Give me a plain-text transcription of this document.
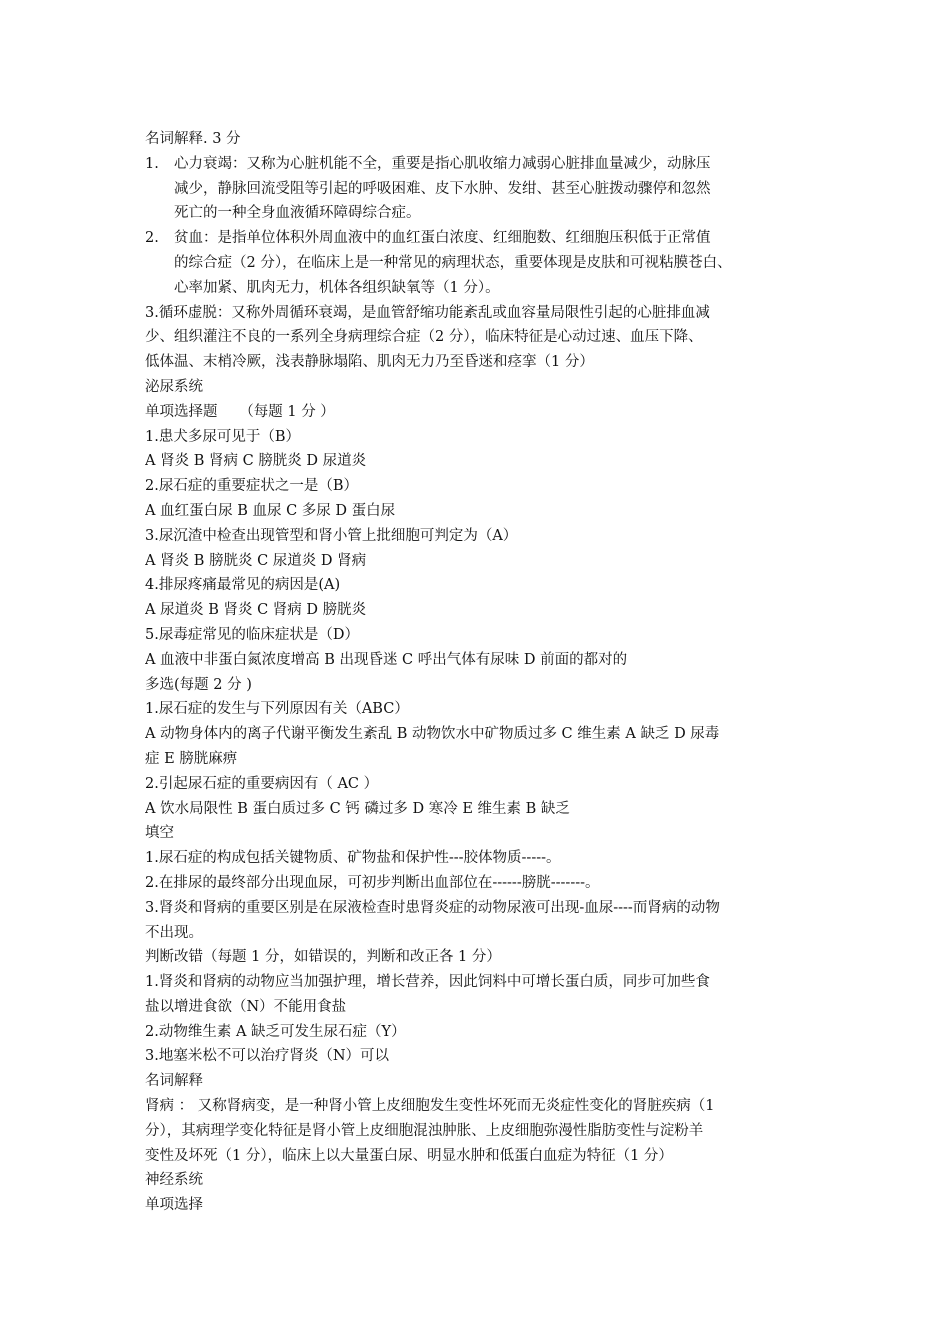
名词解释. 3 分
1.	心力衰竭：又称为心脏机能不全，重要是指心肌收缩力减弱心脏排血量减少，动脉压
减少，静脉回流受阻等引起的呼吸困难、皮下水肿、发绀、甚至心脏拨动骤停和忽然
死亡的一种全身血液循环障碍综合症。
2.	贫血：是指单位体积外周血液中的血红蛋白浓度、红细胞数、红细胞压积低于正常值
的综合症（2 分），在临床上是一种常见的病理状态，重要体现是皮肤和可视粘膜苍白、
心率加紧、肌肉无力，机体各组织缺氧等（1 分）。
3.循环虚脱：又称外周循环衰竭，是血管舒缩功能紊乱或血容量局限性引起的心脏排血减
少、组织灌注不良的一系列全身病理综合症（2 分），临床特征是心动过速、血压下降、
低体温、末梢冷厥，浅表静脉塌陷、肌肉无力乃至昏迷和痉挛（1 分）
泌尿系统
单项选择题　　（每题 1 分 ）
1.患犬多尿可见于（B）
A 肾炎 B 肾病 C 膀胱炎 D 尿道炎
2.尿石症的重要症状之一是（B）
A 血红蛋白尿 B 血尿 C 多尿 D 蛋白尿
3.尿沉渣中检查出现管型和肾小管上批细胞可判定为（A）
A 肾炎 B 膀胱炎 C 尿道炎 D 肾病
4.排尿疼痛最常见的病因是(A)
A 尿道炎 B 肾炎 C 肾病 D 膀胱炎
5.尿毒症常见的临床症状是（D）
A 血液中非蛋白氮浓度增高 B 出现昏迷 C 呼出气体有尿味 D 前面的都对的
多选(每题 2 分 )
1.尿石症的发生与下列原因有关（ABC）
A 动物身体内的离子代谢平衡发生紊乱 B 动物饮水中矿物质过多 C 维生素 A 缺乏 D 尿毒
症 E 膀胱麻痹
2.引起尿石症的重要病因有（ AC ）
A 饮水局限性 B 蛋白质过多 C 钙 磷过多 D 寒冷 E 维生素 B 缺乏
填空
1.尿石症的构成包括关键物质、矿物盐和保护性---胶体物质-----。
2.在排尿的最终部分出现血尿，可初步判断出血部位在------膀胱-------。
3.肾炎和肾病的重要区别是在尿液检查时患肾炎症的动物尿液可出现-血尿----而肾病的动物
不出现。
判断改错（每题 1 分，如错误的，判断和改正各 1 分）
1.肾炎和肾病的动物应当加强护理，增长营养，因此饲料中可增长蛋白质，同步可加些食
盐以增进食欲（N）不能用食盐
2.动物维生素 A 缺乏可发生尿石症（Y）
3.地塞米松不可以治疗肾炎（N）可以
名词解释
肾病 ： 又称肾病变，是一种肾小管上皮细胞发生变性坏死而无炎症性变化的肾脏疾病（1
分），其病理学变化特征是肾小管上皮细胞混浊肿胀、上皮细胞弥漫性脂肪变性与淀粉羊
变性及坏死（1 分），临床上以大量蛋白尿、明显水肿和低蛋白血症为特征（1 分）
神经系统
单项选择
